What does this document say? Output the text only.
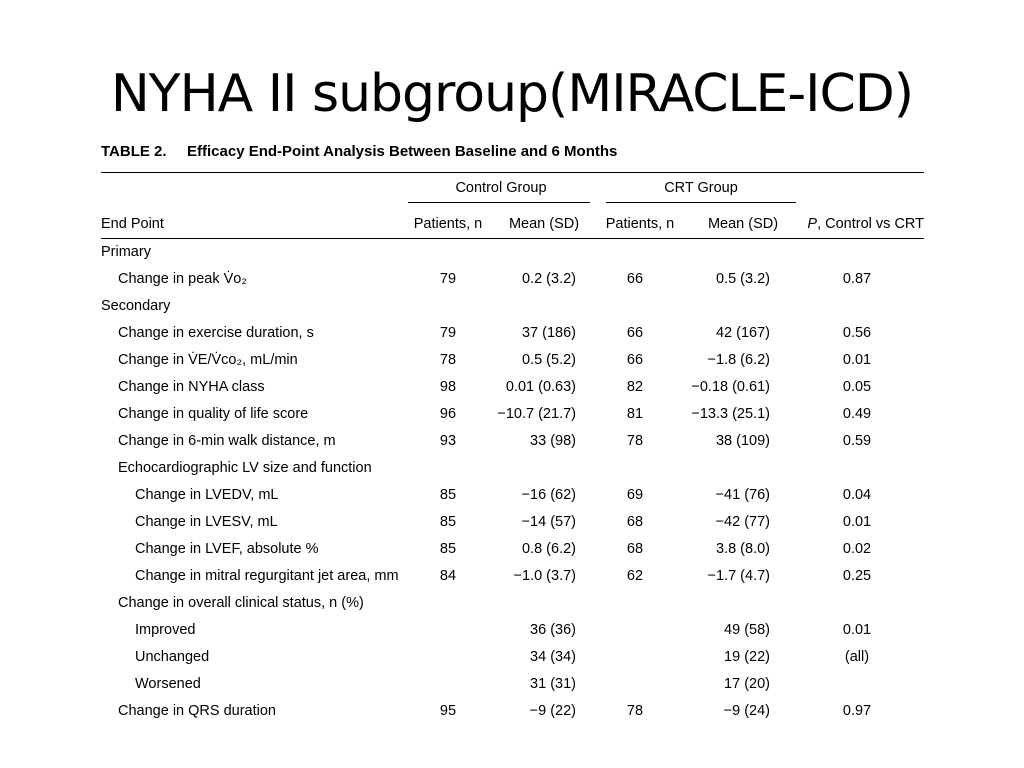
NYHA II subgroup(MIRACLE-ICD)
TABLE 2. Efficacy End-Point Analysis Between Baseline and 6 Months
Control Group	CRT Group
End Point	Patients, n	Mean (SD)	Patients, n	Mean (SD)	P, Control vs CRT
Primary					
Change in peak V̇o₂	79	0.2 (3.2)	66	0.5 (3.2)	0.87
Secondary					
Change in exercise duration, s	79	37 (186)	66	42 (167)	0.56
Change in V̇E/V̇co₂, mL/min	78	0.5 (5.2)	66	−1.8 (6.2)	0.01
Change in NYHA class	98	0.01 (0.63)	82	−0.18 (0.61)	0.05
Change in quality of life score	96	−10.7 (21.7)	81	−13.3 (25.1)	0.49
Change in 6-min walk distance, m	93	33 (98)	78	38 (109)	0.59
Echocardiographic LV size and function					
Change in LVEDV, mL	85	−16 (62)	69	−41 (76)	0.04
Change in LVESV, mL	85	−14 (57)	68	−42 (77)	0.01
Change in LVEF, absolute %	85	0.8 (6.2)	68	3.8 (8.0)	0.02
Change in mitral regurgitant jet area, mm	84	−1.0 (3.7)	62	−1.7 (4.7)	0.25
Change in overall clinical status, n (%)					
Improved		36 (36)		49 (58)	0.01
Unchanged		34 (34)		19 (22)	(all)
Worsened		31 (31)		17 (20)	
Change in QRS duration	95	−9 (22)	78	−9 (24)	0.97
